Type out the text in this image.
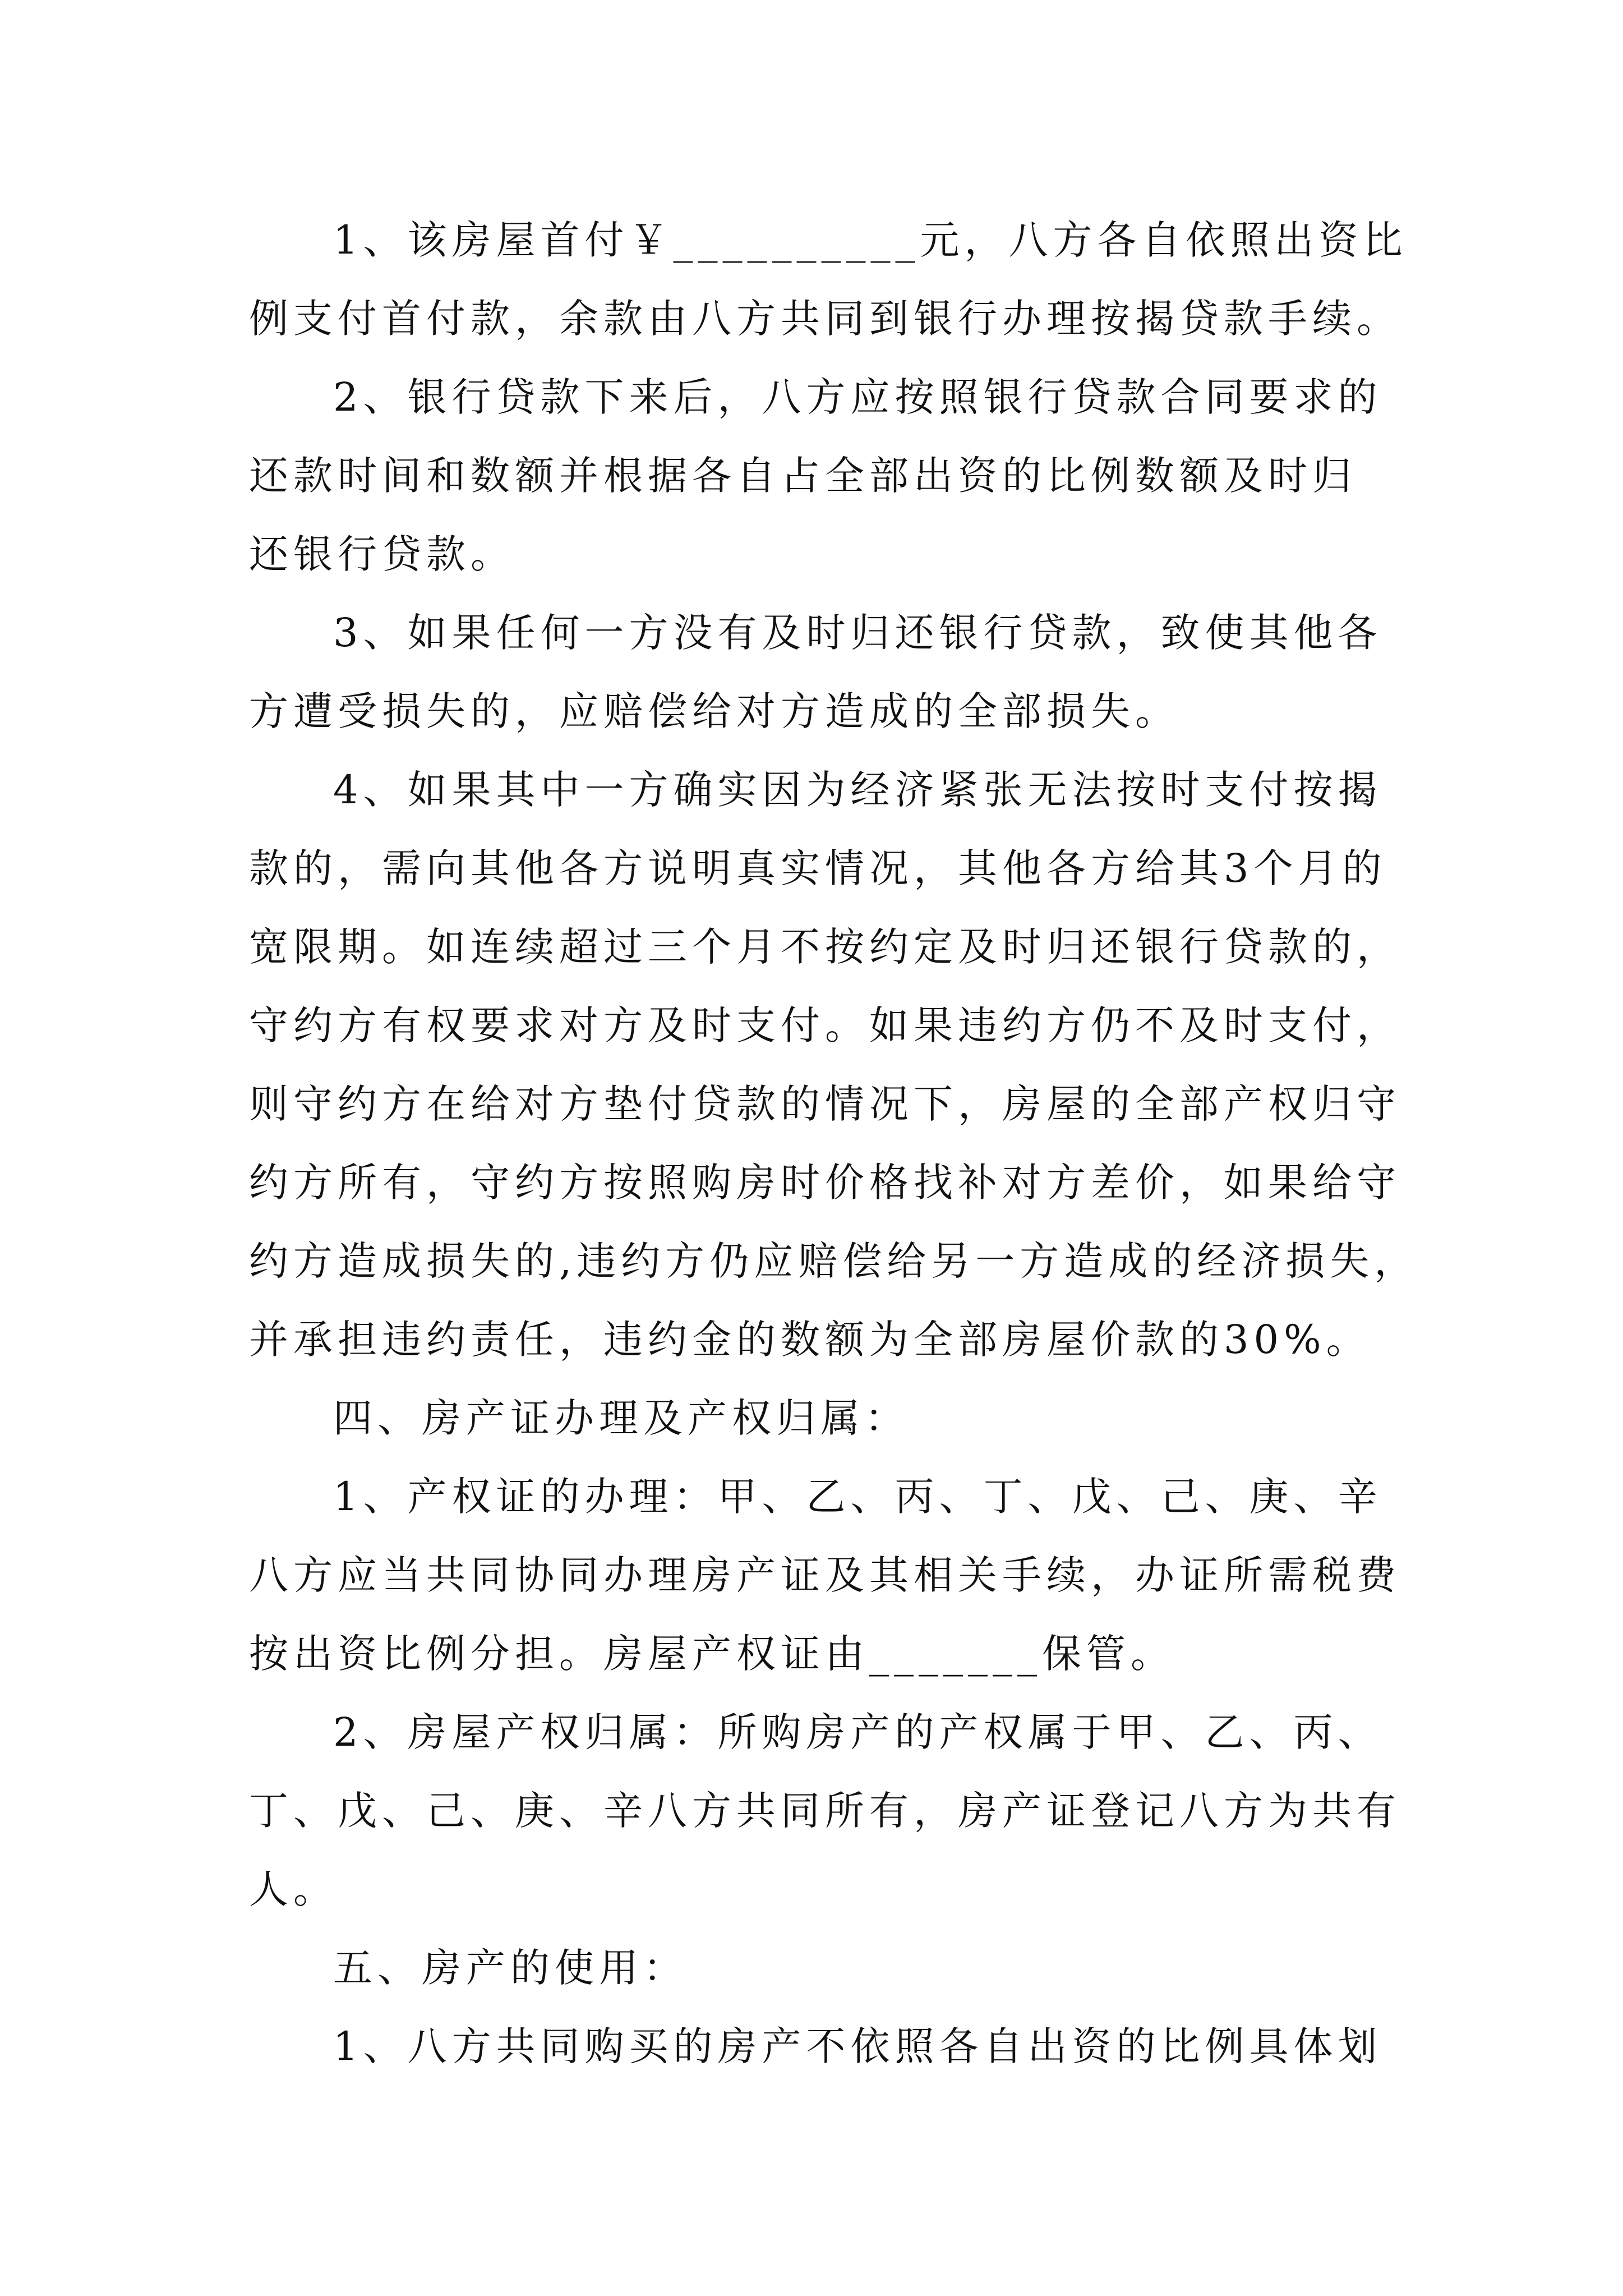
1、该房屋首付￥__________元，八方各自依照出资比
例支付首付款，余款由八方共同到银行办理按揭贷款手续。
2、银行贷款下来后，八方应按照银行贷款合同要求的
还款时间和数额并根据各自占全部出资的比例数额及时归
还银行贷款。
3、如果任何一方没有及时归还银行贷款，致使其他各
方遭受损失的，应赔偿给对方造成的全部损失。
4、如果其中一方确实因为经济紧张无法按时支付按揭
款的，需向其他各方说明真实情况，其他各方给其3个月的
宽限期。如连续超过三个月不按约定及时归还银行贷款的，
守约方有权要求对方及时支付。如果违约方仍不及时支付，
则守约方在给对方垫付贷款的情况下，房屋的全部产权归守
约方所有，守约方按照购房时价格找补对方差价，如果给守
约方造成损失的,违约方仍应赔偿给另一方造成的经济损失，
并承担违约责任，违约金的数额为全部房屋价款的30%。
四、房产证办理及产权归属：
1、产权证的办理：甲、乙、丙、丁、戊、己、庚、辛
八方应当共同协同办理房产证及其相关手续，办证所需税费
按出资比例分担。房屋产权证由_______保管。
2、房屋产权归属：所购房产的产权属于甲、乙、丙、
丁、戊、己、庚、辛八方共同所有，房产证登记八方为共有
人。
五、房产的使用：
1、八方共同购买的房产不依照各自出资的比例具体划
